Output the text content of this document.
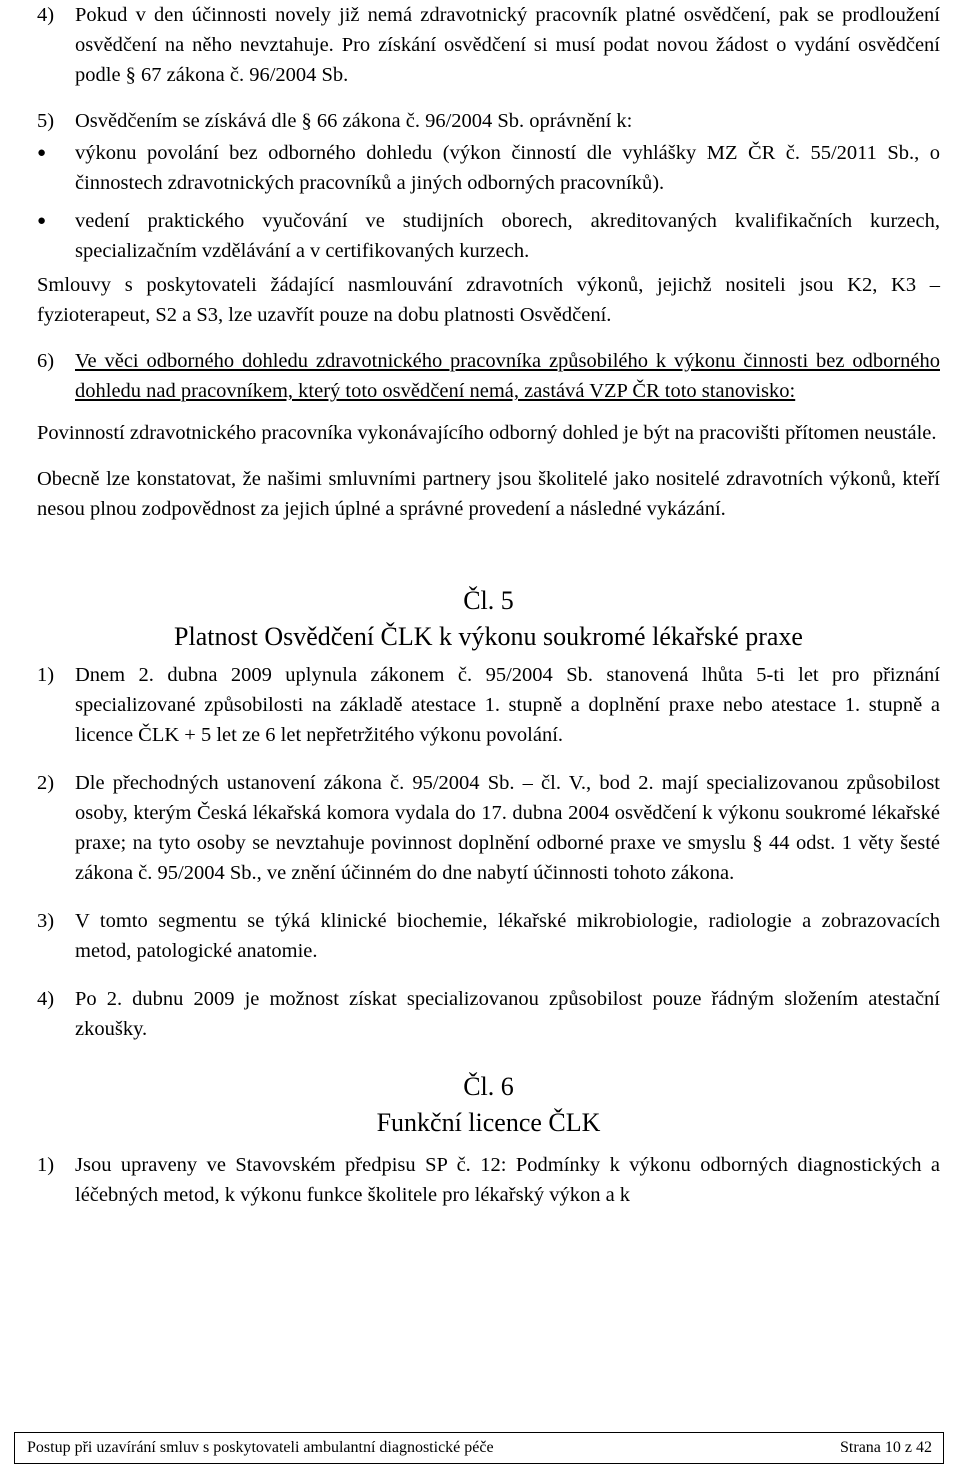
4)	Pokud v den účinnosti novely již nemá zdravotnický pracovník platné osvědčení, pak se prodloužení osvědčení na něho nevztahuje. Pro získání osvědčení si musí podat novou žádost o vydání osvědčení podle § 67 zákona č. 96/2004 Sb.
5)	Osvědčením se získává dle § 66 zákona č. 96/2004 Sb. oprávnění k:
●	výkonu povolání bez odborného dohledu (výkon činností dle vyhlášky MZ ČR č. 55/2011 Sb., o činnostech zdravotnických pracovníků a jiných odborných pracovníků).
●	vedení praktického vyučování ve studijních oborech, akreditovaných kvalifikačních kurzech, specializačním vzdělávání a v certifikovaných kurzech.

Smlouvy s poskytovateli žádající nasmlouvání zdravotních výkonů, jejichž nositeli jsou K2, K3 – fyzioterapeut, S2 a S3, lze uzavřít pouze na dobu platnosti Osvědčení.

6)	Ve věci odborného dohledu zdravotnického pracovníka způsobilého k výkonu činnosti bez odborného dohledu nad pracovníkem, který toto osvědčení nemá, zastává VZP ČR toto stanovisko:

Povinností zdravotnického pracovníka vykonávajícího odborný dohled je být na pracovišti přítomen neustále.

Obecně lze konstatovat, že našimi smluvními partnery jsou školitelé jako nositelé zdravotních výkonů, kteří nesou plnou zodpovědnost za jejich úplné a správné provedení a následné vykázání.

Čl. 5
Platnost Osvědčení ČLK k výkonu soukromé lékařské praxe
1)	Dnem 2. dubna 2009 uplynula zákonem č. 95/2004 Sb. stanovená lhůta 5-ti let pro přiznání specializované způsobilosti na základě atestace 1. stupně a doplnění praxe nebo atestace 1. stupně a licence ČLK + 5 let ze 6 let nepřetržitého výkonu povolání.
2)	Dle přechodných ustanovení zákona č. 95/2004 Sb. – čl. V., bod 2. mají specializovanou způsobilost osoby, kterým Česká lékařská komora vydala do 17. dubna 2004 osvědčení k výkonu soukromé lékařské praxe; na tyto osoby se nevztahuje povinnost doplnění odborné praxe ve smyslu § 44 odst. 1 věty šesté zákona č. 95/2004 Sb., ve znění účinném do dne nabytí účinnosti tohoto zákona.
3)	V tomto segmentu se týká klinické biochemie, lékařské mikrobiologie, radiologie a zobrazovacích metod, patologické anatomie.
4)	Po 2. dubnu 2009 je možnost získat specializovanou způsobilost pouze řádným složením atestační zkoušky.
Čl. 6
Funkční licence ČLK
1)	Jsou upraveny ve Stavovském předpisu SP č. 12: Podmínky k výkonu odborných diagnostických a léčebných metod, k výkonu funkce školitele pro lékařský výkon a k
Postup při uzavírání smluv s poskytovateli ambulantní diagnostické péče	Strana 10 z 42
